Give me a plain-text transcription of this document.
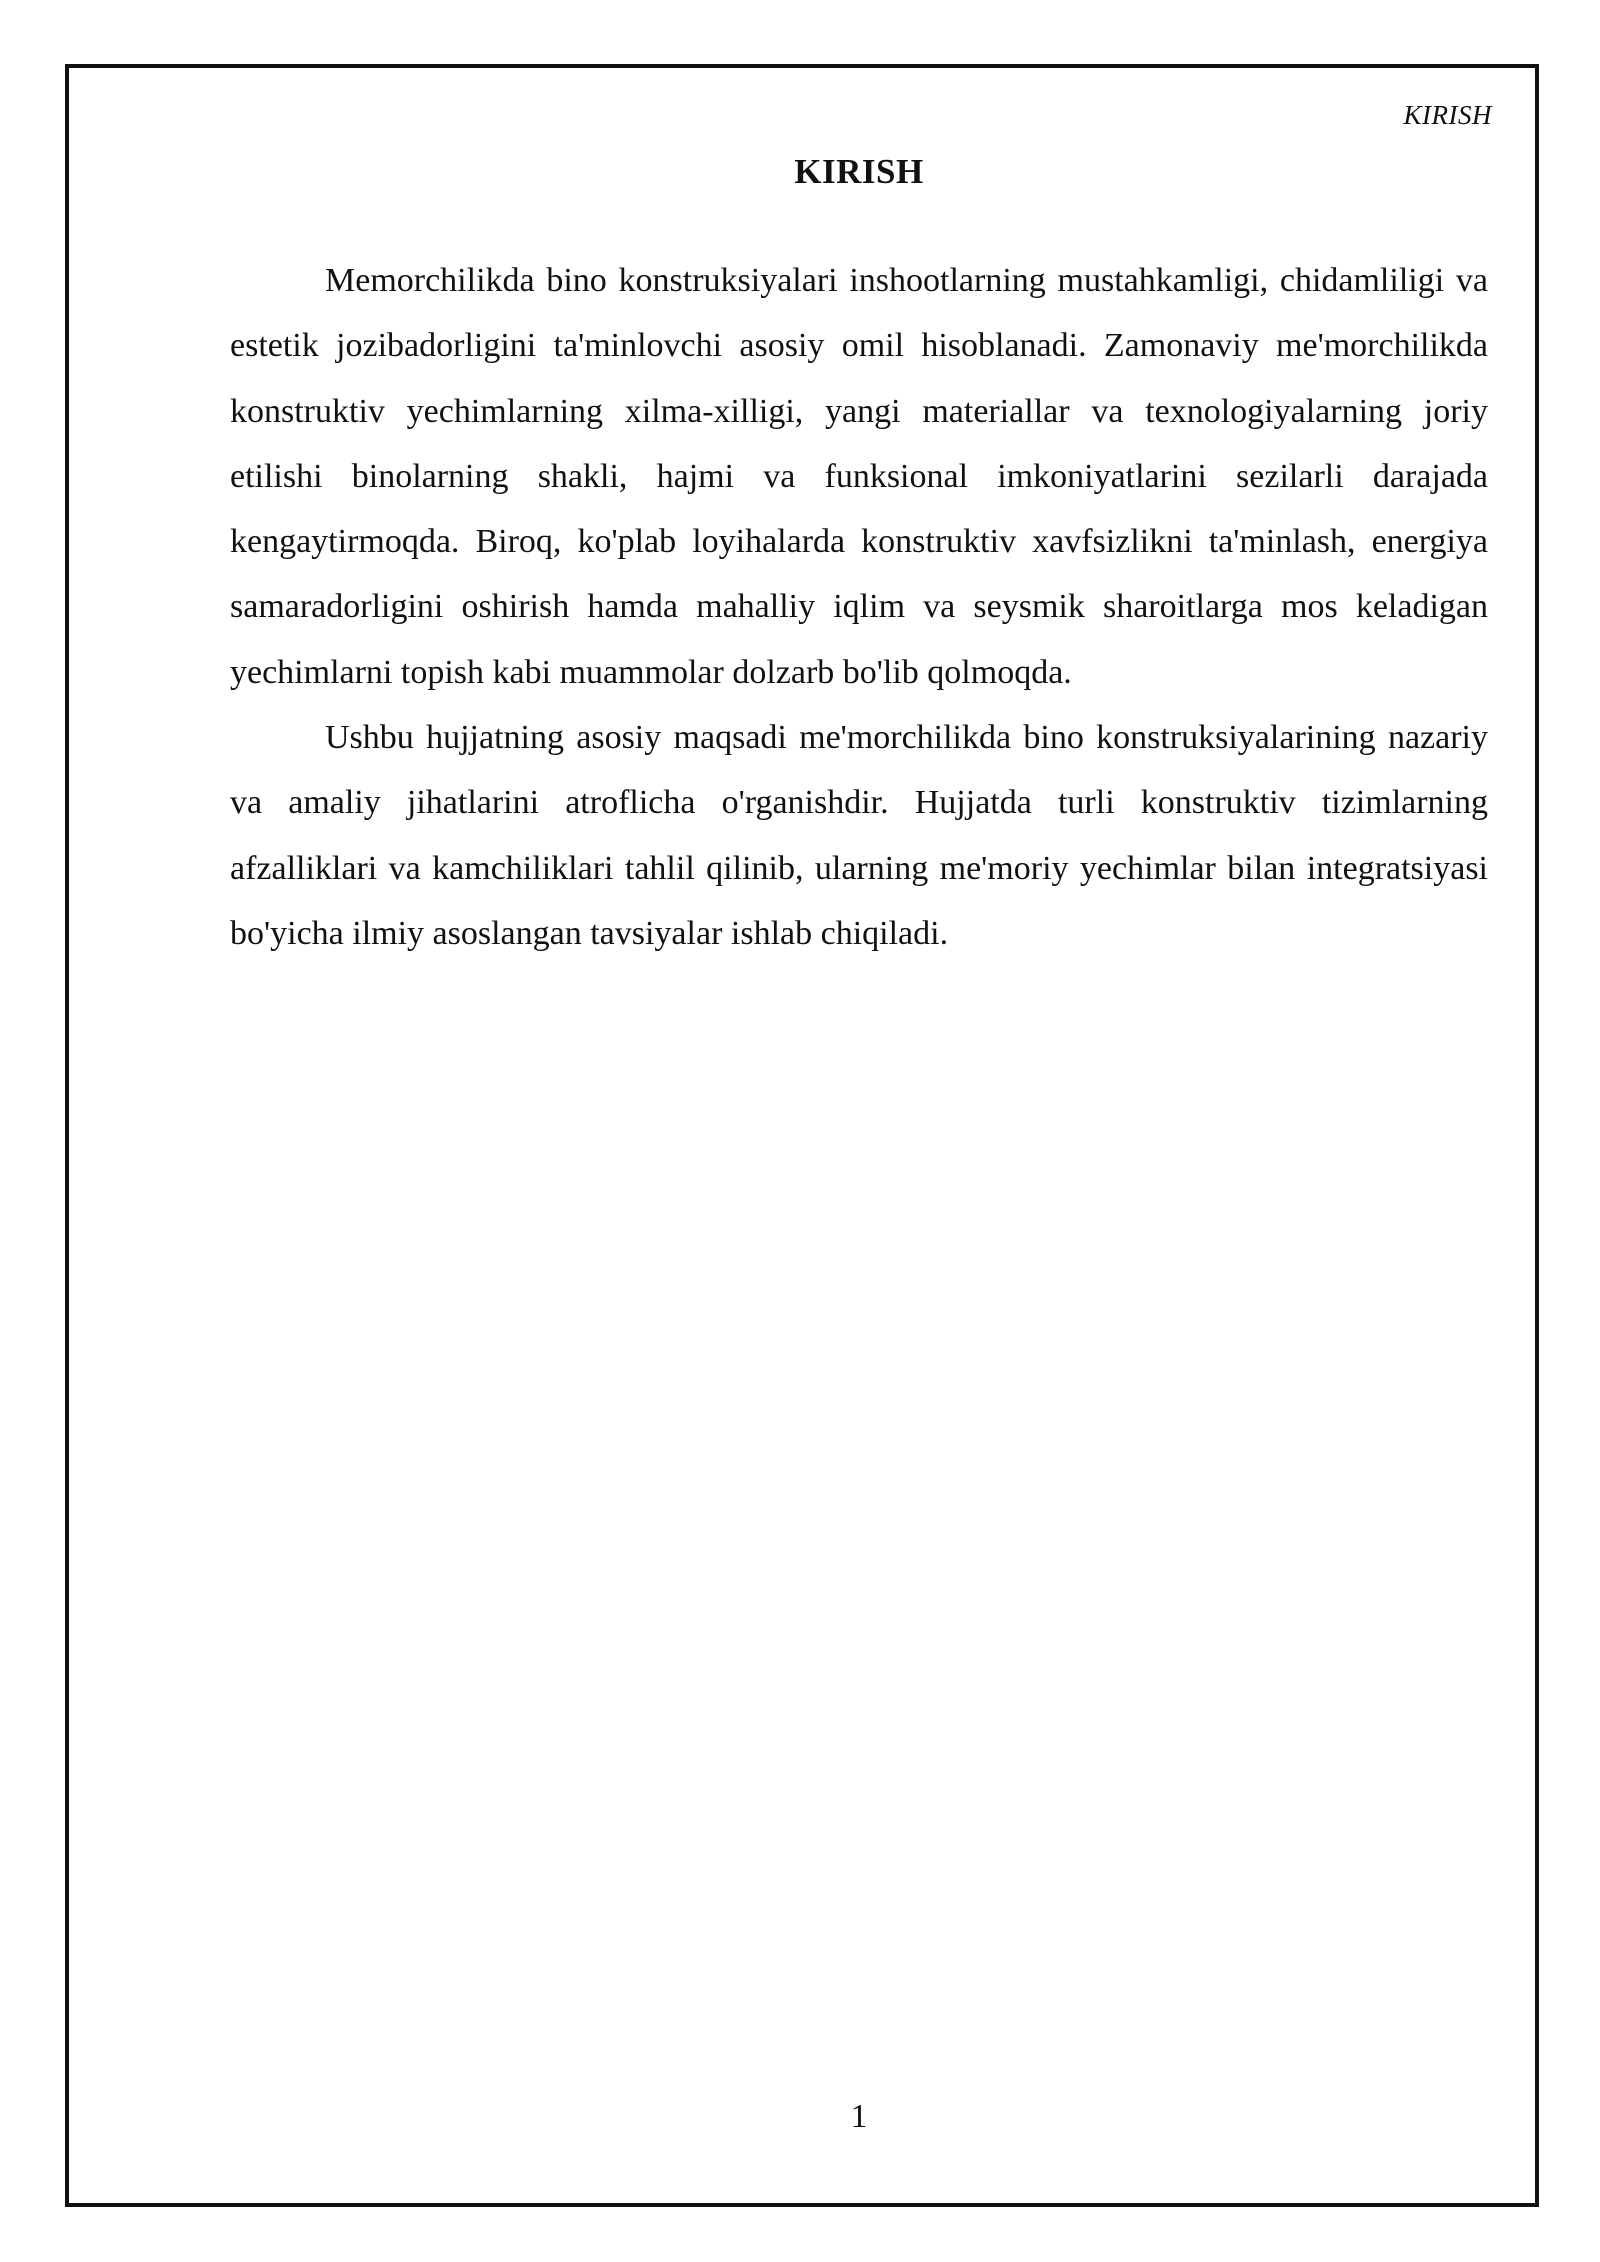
KIRISH
KIRISH

Memorchilikda bino konstruksiyalari inshootlarning mustahkamligi, chidamliligi va estetik jozibadorligini ta'minlovchi asosiy omil hisoblanadi. Zamonaviy me'morchilikda konstruktiv yechimlarning xilma-xilligi, yangi materiallar va texnologiyalarning joriy etilishi binolarning shakli, hajmi va funksional imkoniyatlarini sezilarli darajada kengaytirmoqda. Biroq, ko'plab loyihalarda konstruktiv xavfsizlikni ta'minlash, energiya samaradorligini oshirish hamda mahalliy iqlim va seysmik sharoitlarga mos keladigan yechimlarni topish kabi muammolar dolzarb bo'lib qolmoqda.

Ushbu hujjatning asosiy maqsadi me'morchilikda bino konstruksiyalarining nazariy va amaliy jihatlarini atroflicha o'rganishdir. Hujjatda turli konstruktiv tizimlarning afzalliklari va kamchiliklari tahlil qilinib, ularning me'moriy yechimlar bilan integratsiyasi bo'yicha ilmiy asoslangan tavsiyalar ishlab chiqiladi.

1
